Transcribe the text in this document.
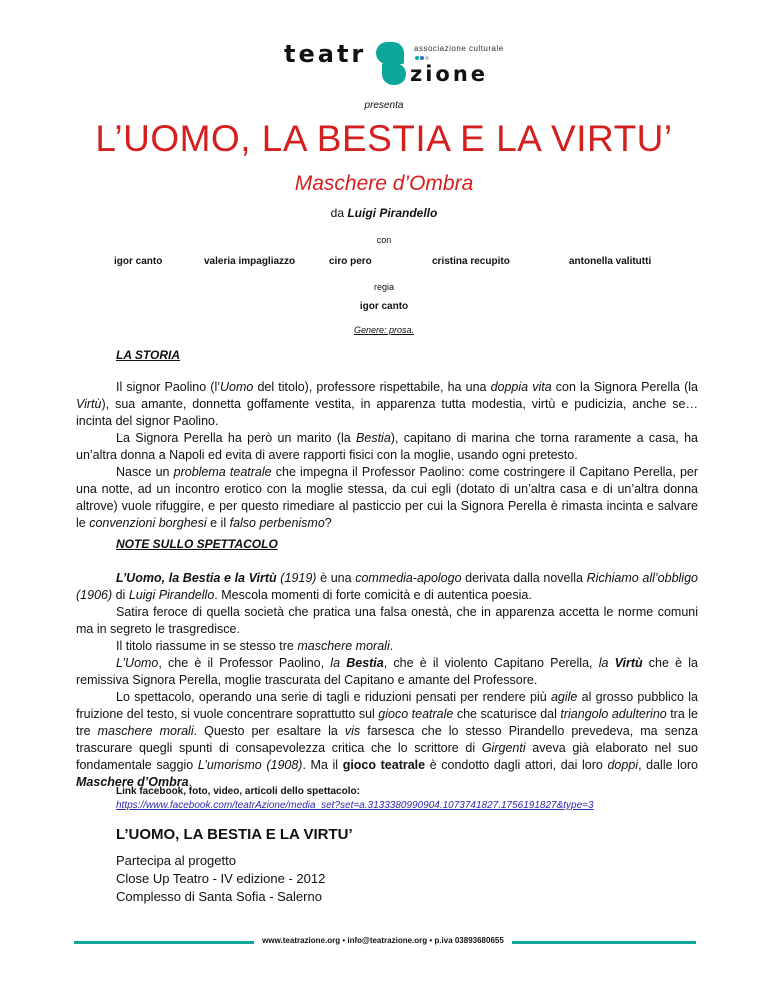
teatr
zione
associazione culturale
presenta
L’UOMO, LA BESTIA E LA VIRTU’
Maschere d’Ombra
da Luigi Pirandello
con
igor canto	valeria impagliazzo	ciro pero	cristina recupito	antonella valitutti
regia
igor canto
Genere: prosa.
LA STORIA

Il signor Paolino (l’Uomo del titolo), professore rispettabile, ha una doppia vita con la Signora Perella (la Virtù), sua amante, donnetta goffamente vestita, in apparenza tutta modestia, virtù e pudicizia, anche se… incinta del signor Paolino.

La Signora Perella ha però un marito (la Bestia), capitano di marina che torna raramente a casa, ha un’altra donna a Napoli ed evita di avere rapporti fisici con la moglie, usando ogni pretesto.

Nasce un problema teatrale che impegna il Professor Paolino: come costringere il Capitano Perella, per una notte, ad un incontro erotico con la moglie stessa, da cui egli (dotato di un’altra casa e di un’altra donna altrove) vuole rifuggire, e per questo rimediare al pasticcio per cui la Signora Perella è rimasta incinta e salvare le convenzioni borghesi e il falso perbenismo?

NOTE SULLO SPETTACOLO

L’Uomo, la Bestia e la Virtù (1919) è una commedia-apologo derivata dalla novella Richiamo all’obbligo (1906) di Luigi Pirandello. Mescola momenti di forte comicità e di autentica poesia.

Satira feroce di quella società che pratica una falsa onestà, che in apparenza accetta le norme comuni ma in segreto le trasgredisce.

Il titolo riassume in se stesso tre maschere morali.

L’Uomo, che è il Professor Paolino, la Bestia, che è il violento Capitano Perella, la Virtù che è la remissiva Signora Perella, moglie trascurata del Capitano e amante del Professore.

Lo spettacolo, operando una serie di tagli e riduzioni pensati per rendere più agile al grosso pubblico la fruizione del testo, si vuole concentrare soprattutto sul gioco teatrale che scaturisce dal triangolo adulterino tra le tre maschere morali. Questo per esaltare la vis farsesca che lo stesso Pirandello prevedeva, ma senza trascurare quegli spunti di consapevolezza critica che lo scrittore di Girgenti aveva già elaborato nel suo fondamentale saggio L’umorismo (1908). Ma il gioco teatrale è condotto dagli attori, dai loro doppi, dalle loro Maschere d’Ombra.

Link facebook, foto, video, articoli dello spettacolo:
https://www.facebook.com/teatrAzione/media_set?set=a.3133380990904.1073741827.1756191827&type=3
L’UOMO, LA BESTIA E LA VIRTU’
Partecipa al progetto
Close Up Teatro - IV edizione - 2012
Complesso di Santa Sofia - Salerno
www.teatrazione.org • info@teatrazione.org • p.iva 03893680655
